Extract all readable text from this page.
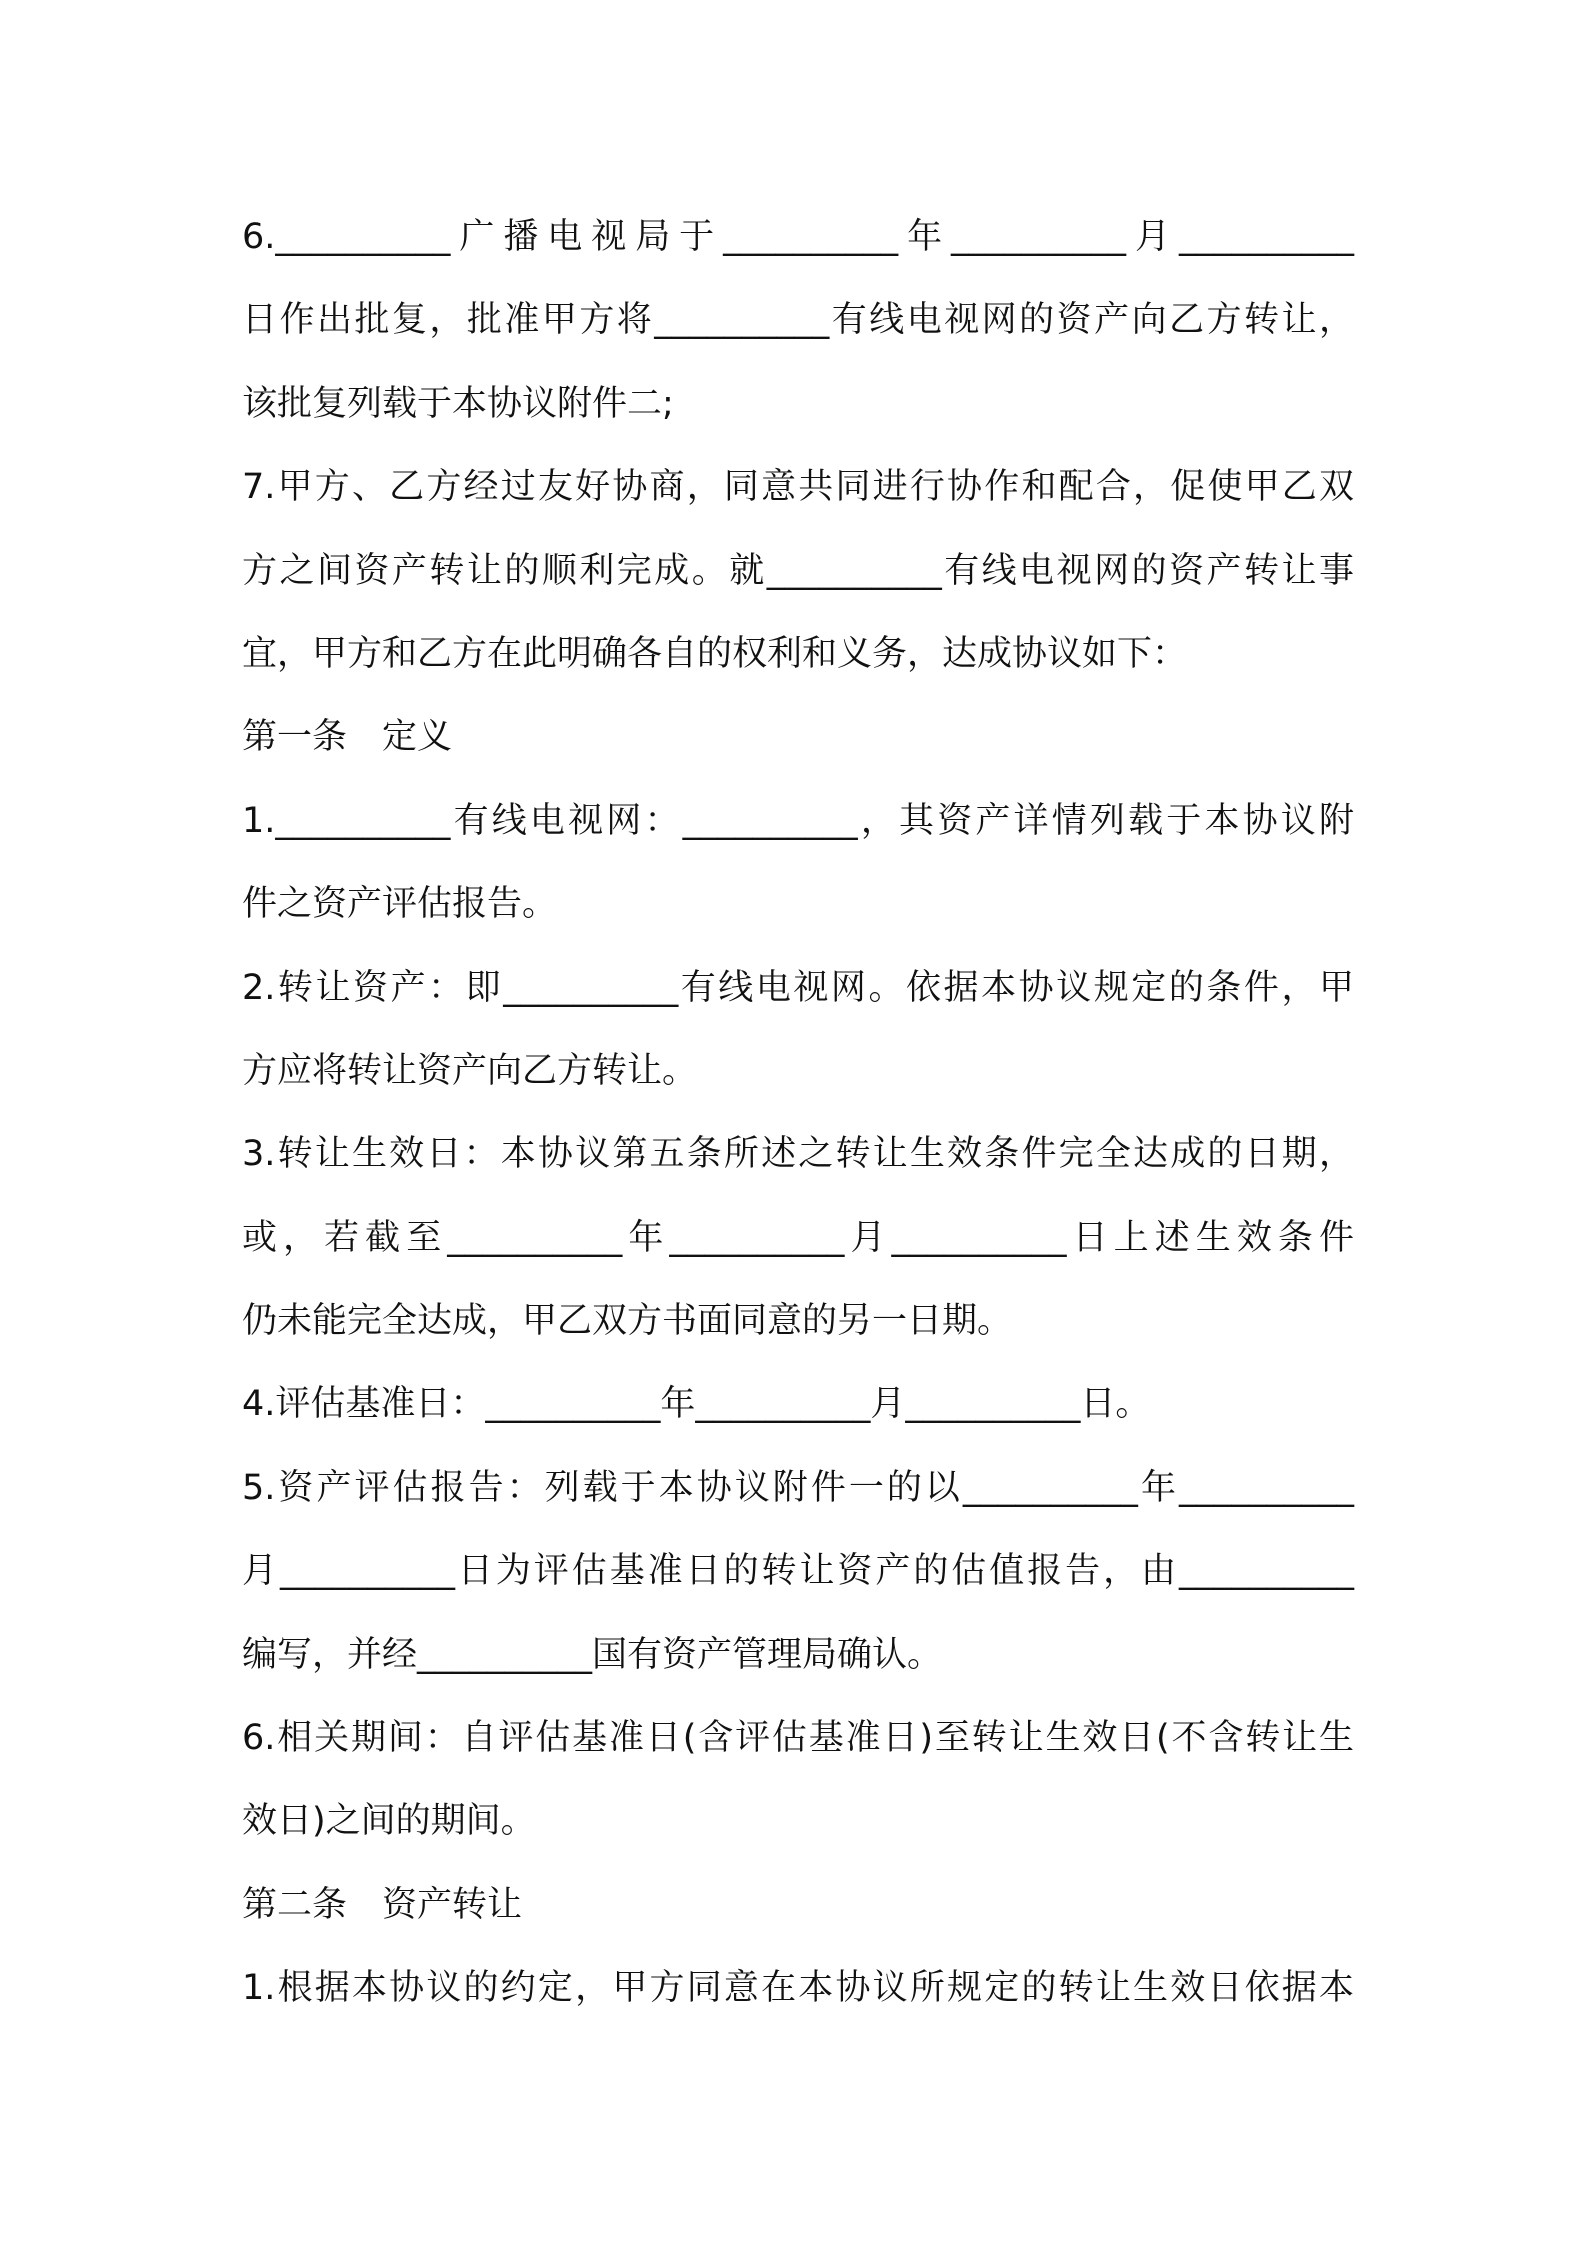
6.__________广播电视局于__________年__________月__________
日作出批复，批准甲方将__________有线电视网的资产向乙方转让，
该批复列载于本协议附件二;
7.甲方、乙方经过友好协商，同意共同进行协作和配合，促使甲乙双
方之间资产转让的顺利完成。就__________有线电视网的资产转让事
宜，甲方和乙方在此明确各自的权利和义务，达成协议如下：
第一条　定义
1.__________有线电视网：__________，其资产详情列载于本协议附
件之资产评估报告。
2.转让资产：即__________有线电视网。依据本协议规定的条件，甲
方应将转让资产向乙方转让。
3.转让生效日：本协议第五条所述之转让生效条件完全达成的日期，
或，若截至__________年__________月__________日上述生效条件
仍未能完全达成，甲乙双方书面同意的另一日期。
4.评估基准日：__________年__________月__________日。
5.资产评估报告：列载于本协议附件一的以__________年__________
月__________日为评估基准日的转让资产的估值报告，由__________
编写，并经__________国有资产管理局确认。
6.相关期间：自评估基准日(含评估基准日)至转让生效日(不含转让生
效日)之间的期间。
第二条　资产转让
1.根据本协议的约定，甲方同意在本协议所规定的转让生效日依据本
